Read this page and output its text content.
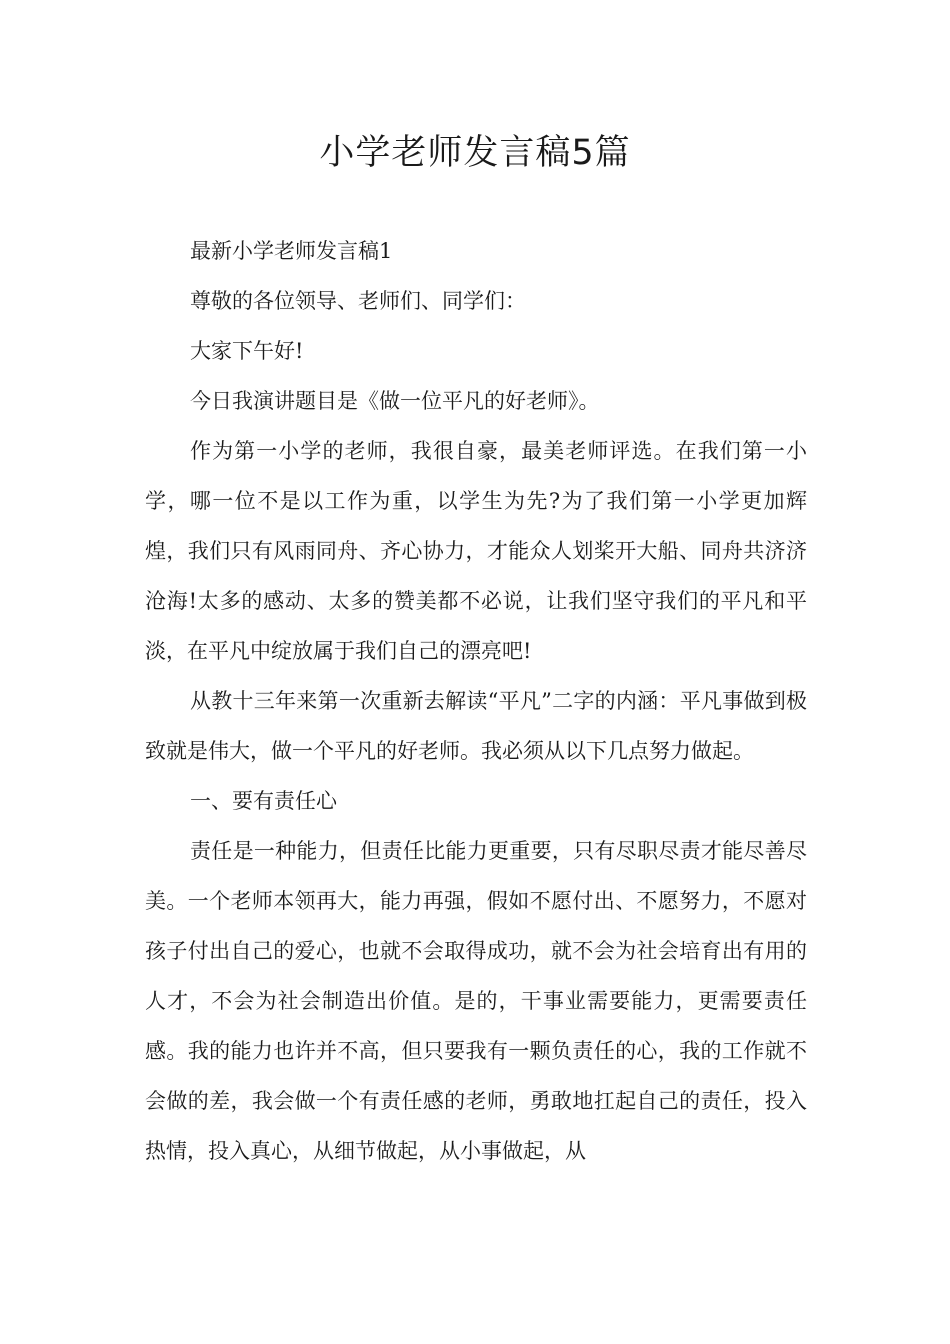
小学老师发言稿5篇

最新小学老师发言稿1

尊敬的各位领导、老师们、同学们：

大家下午好!

今日我演讲题目是《做一位平凡的好老师》。

作为第一小学的老师，我很自豪，最美老师评选。在我们第一小学，哪一位不是以工作为重，以学生为先?为了我们第一小学更加辉煌，我们只有风雨同舟、齐心协力，才能众人划桨开大船、同舟共济济沧海!太多的感动、太多的赞美都不必说，让我们坚守我们的平凡和平淡，在平凡中绽放属于我们自己的漂亮吧!

从教十三年来第一次重新去解读“平凡”二字的内涵：平凡事做到极致就是伟大，做一个平凡的好老师。我必须从以下几点努力做起。

一、要有责任心

责任是一种能力，但责任比能力更重要，只有尽职尽责才能尽善尽美。一个老师本领再大，能力再强，假如不愿付出、不愿努力，不愿对孩子付出自己的爱心，也就不会取得成功，就不会为社会培育出有用的人才，不会为社会制造出价值。是的，干事业需要能力，更需要责任感。我的能力也许并不高，但只要我有一颗负责任的心，我的工作就不会做的差，我会做一个有责任感的老师，勇敢地扛起自己的责任，投入热情，投入真心，从细节做起，从小事做起，从
